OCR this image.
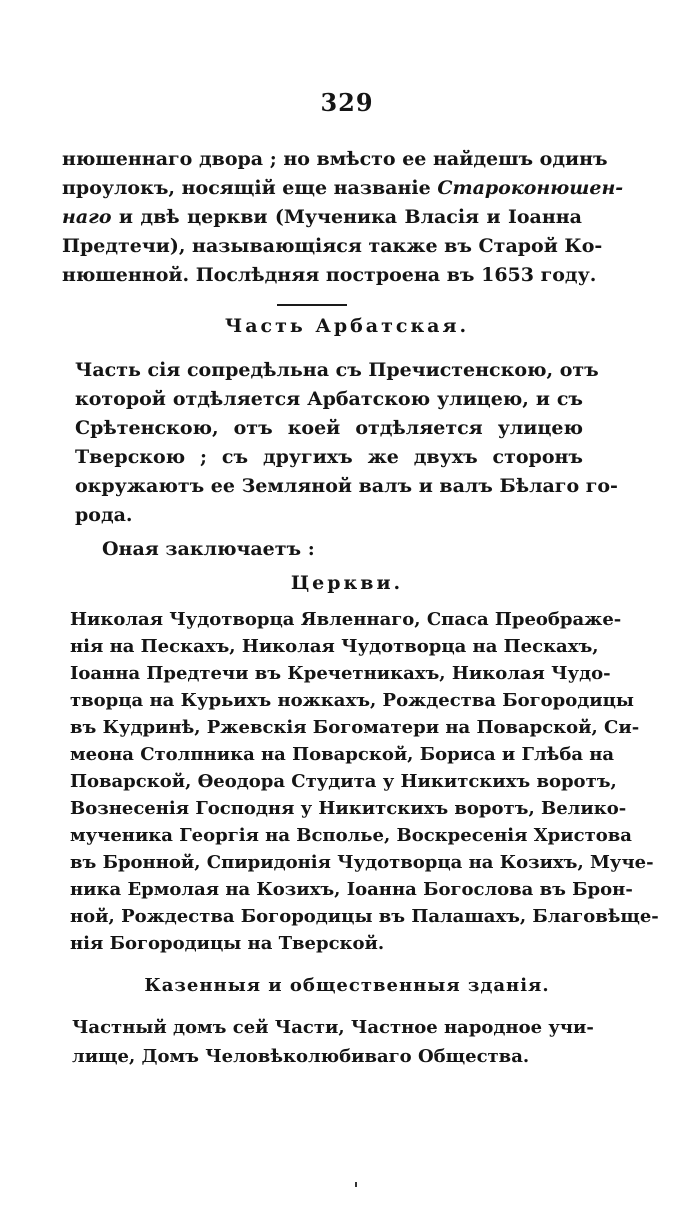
329
нюшеннаго двора ; но вмѣсто ее найдешъ одинъ
проулокъ, носящій еще названіе Староконюшен-
наго и двѣ церкви (Мученика Власія и Іоанна
Предтечи), называющіяся также въ Старой Ко-
нюшенной. Послѣдняя построена въ 1653 году.
Часть Арбатская.
Часть сія сопредѣльна съ Пречистенскою, отъ
которой отдѣляется Арбатскою улицею, и съ
Срѣтенскою, отъ коей отдѣляется улицею
Тверскою ; съ другихъ же двухъ сторонъ
окружаютъ ее Земляной валъ и валъ Бѣлаго го-
рода.
Оная заключаетъ :
Церкви.
Николая Чудотворца Явленнаго, Спаса Преображе-
нія на Пескахъ, Николая Чудотворца на Пескахъ,
Іоанна Предтечи въ Кречетникахъ, Николая Чудо-
творца на Курьихъ ножкахъ, Рождества Богородицы
въ Кудринѣ, Ржевскія Богоматери на Поварской, Си-
меона Столпника на Поварской, Бориса и Глѣба на
Поварской, Ѳеодора Студита у Никитскихъ воротъ,
Вознесенія Господня у Никитскихъ воротъ, Велико-
мученика Георгія на Всполье, Воскресенія Христова
въ Бронной, Спиридонія Чудотворца на Козихъ, Муче-
ника Ермолая на Козихъ, Іоанна Богослова въ Брон-
ной, Рождества Богородицы въ Палашахъ, Благовѣще-
нія Богородицы на Тверской.
Казенныя и общественныя зданія.
Частный домъ сей Части, Частное народное учи-
лище, Домъ Человѣколюбиваго Общества.
